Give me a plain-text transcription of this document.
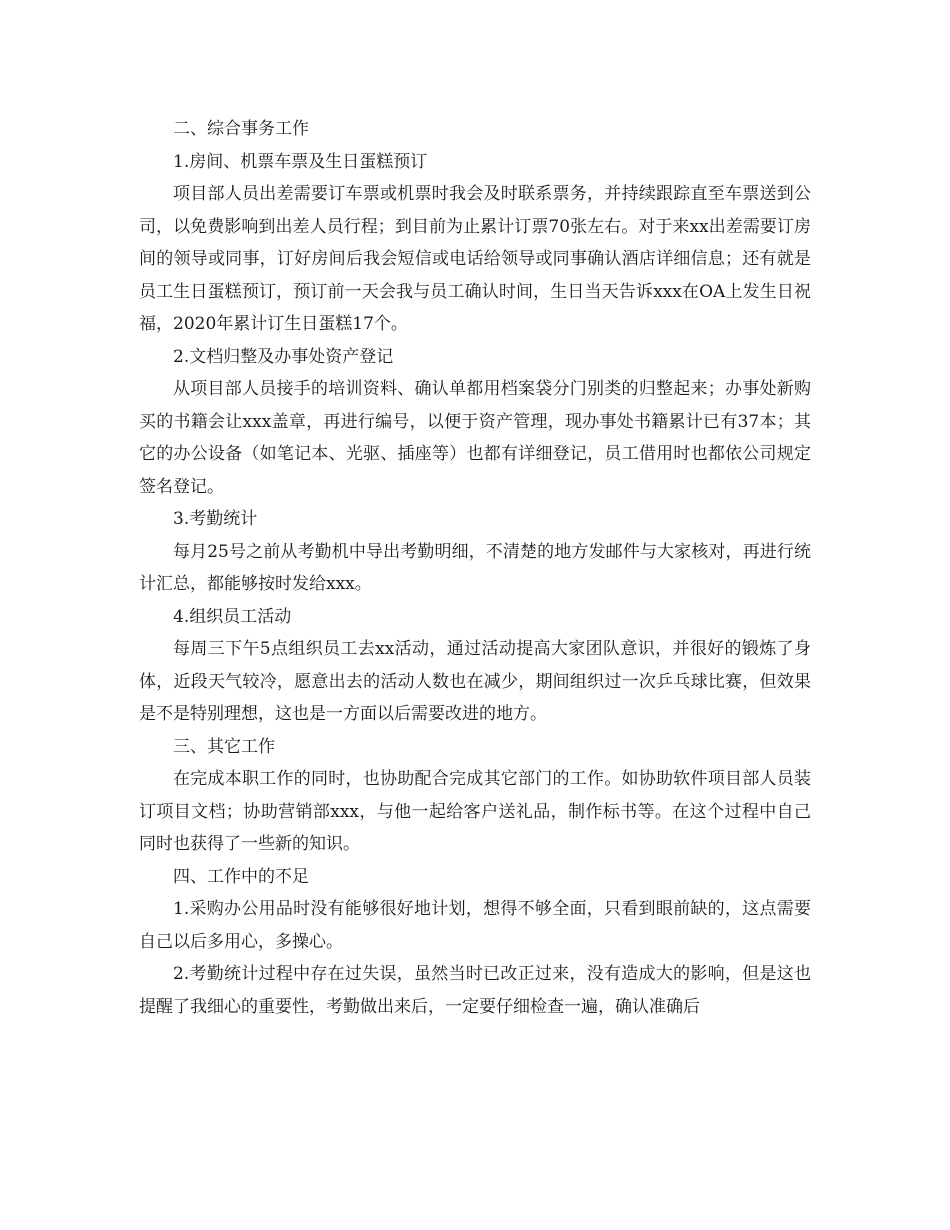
二、综合事务工作

1.房间、机票车票及生日蛋糕预订

项目部人员出差需要订车票或机票时我会及时联系票务，并持续跟踪直至车票送到公司，以免费影响到出差人员行程；到目前为止累计订票70张左右。对于来xx出差需要订房间的领导或同事，订好房间后我会短信或电话给领导或同事确认酒店详细信息；还有就是员工生日蛋糕预订，预订前一天会我与员工确认时间，生日当天告诉xxx在OA上发生日祝福，2020年累计订生日蛋糕17个。

2.文档归整及办事处资产登记

从项目部人员接手的培训资料、确认单都用档案袋分门别类的归整起来；办事处新购买的书籍会让xxx盖章，再进行编号，以便于资产管理，现办事处书籍累计已有37本；其它的办公设备（如笔记本、光驱、插座等）也都有详细登记，员工借用时也都依公司规定签名登记。

3.考勤统计

每月25号之前从考勤机中导出考勤明细，不清楚的地方发邮件与大家核对，再进行统计汇总，都能够按时发给xxx。

4.组织员工活动

每周三下午5点组织员工去xx活动，通过活动提高大家团队意识，并很好的锻炼了身体，近段天气较冷，愿意出去的活动人数也在减少，期间组织过一次乒乓球比赛，但效果是不是特别理想，这也是一方面以后需要改进的地方。

三、其它工作

在完成本职工作的同时，也协助配合完成其它部门的工作。如协助软件项目部人员装订项目文档；协助营销部xxx，与他一起给客户送礼品，制作标书等。在这个过程中自己同时也获得了一些新的知识。

四、工作中的不足

1.采购办公用品时没有能够很好地计划，想得不够全面，只看到眼前缺的，这点需要自己以后多用心，多操心。

2.考勤统计过程中存在过失误，虽然当时已改正过来，没有造成大的影响，但是这也提醒了我细心的重要性，考勤做出来后，一定要仔细检查一遍，确认准确后
